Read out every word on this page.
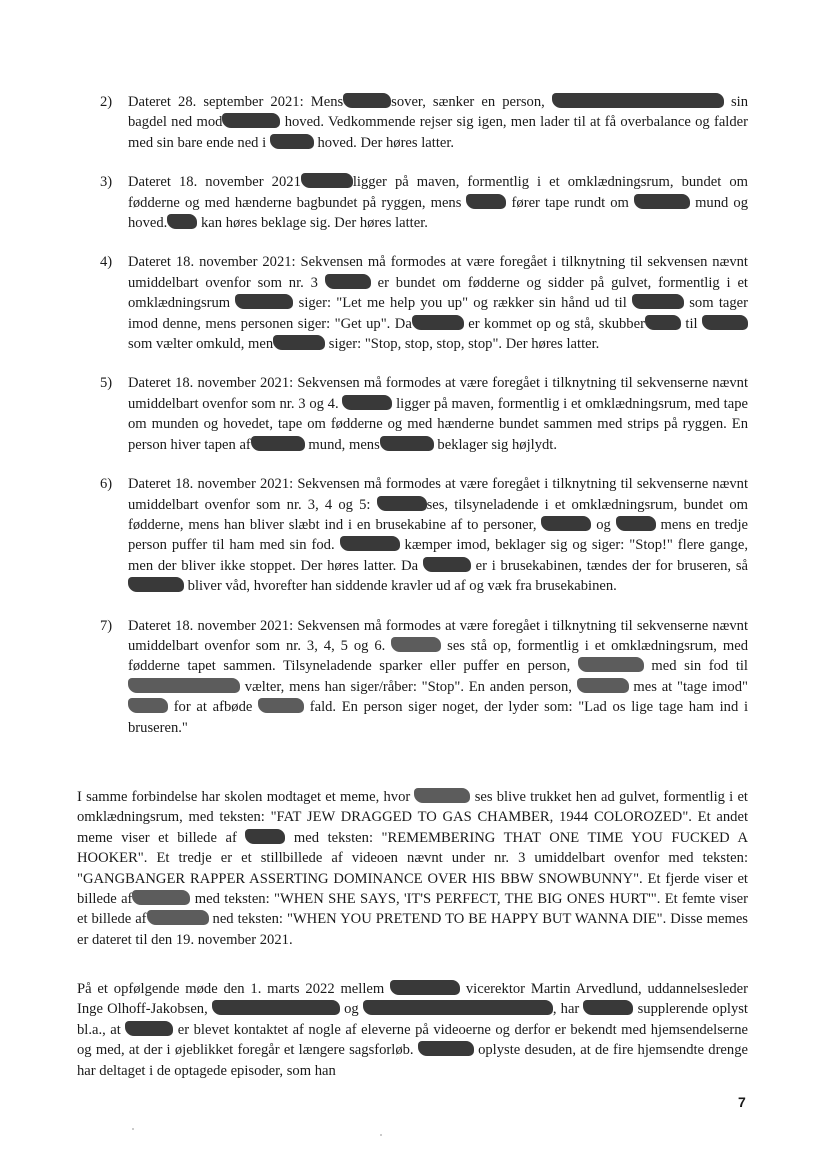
2)	Dateret 28. september 2021: Mens	sover, sænker en person,	sin bagdel ned mod	hoved. Vedkommende rejser sig igen, men lader til at få overbalance og falder med sin bare ende ned i	hoved. Der høres latter.
3)	Dateret 18. november 2021	ligger på maven, formentlig i et omklædningsrum, bundet om fødderne og med hænderne bagbundet på ryggen, mens	fører tape rundt om	mund og hoved. kan høres beklage sig. Der høres latter.
4)	Dateret 18. november 2021: Sekvensen må formodes at være foregået i tilknytning til sekvensen nævnt umiddelbart ovenfor som nr. 3	er bundet om fødderne og sidder på gulvet, formentlig i et omklædningsrum	siger: "Let me help you up" og rækker sin hånd ud til	som tager imod denne, mens personen siger: "Get up". Da	er kommet op og stå, skubber til  som vælter omkuld, men	siger: "Stop, stop, stop, stop". Der høres latter.
5)	Dateret 18. november 2021: Sekvensen må formodes at være foregået i tilknytning til sekvenserne nævnt umiddelbart ovenfor som nr. 3 og 4.	ligger på maven, formentlig i et omklædningsrum, med tape om munden og hovedet, tape om fødderne og med hænderne bundet sammen med strips på ryggen. En person hiver tapen af	mund, mens	beklager sig højlydt.
6)	Dateret 18. november 2021: Sekvensen må formodes at være foregået i tilknytning til sekvenserne nævnt umiddelbart ovenfor som nr. 3, 4 og 5:	ses, tilsyneladende i et omklædningsrum, bundet om fødderne, mens han bliver slæbt ind i en brusekabine af to personer,	og	mens en tredje person puffer til ham med sin fod.	kæmper imod, beklager sig og siger: "Stop!" flere gange, men der bliver ikke stoppet. Der høres latter. Da	er i brusekabinen, tændes der for bruseren, så  bliver våd, hvorefter han siddende kravler ud af og væk fra brusekabinen.
7)	Dateret 18. november 2021: Sekvensen må formodes at være foregået i tilknytning til sekvenserne nævnt umiddelbart ovenfor som nr. 3, 4, 5 og 6.	ses stå op, formentlig i et omklædningsrum, med fødderne tapet sammen. Tilsyneladende sparker eller puffer en person,	med sin fod til  vælter, mens han siger/råber: "Stop". En anden person,	mes at "tage imod"  for at afbøde	fald. En person siger noget, der lyder som: "Lad os lige tage ham ind i bruseren."
I samme forbindelse har skolen modtaget et meme, hvor	ses blive trukket hen ad gulvet, formentlig i et omklædningsrum, med teksten: "FAT JEW DRAGGED TO GAS CHAMBER, 1944 COLOROZED". Et andet meme viser et billede af	med teksten: "REMEMBERING THAT ONE TIME YOU FUCKED A HOOKER". Et tredje er et stillbillede af videoen nævnt under nr. 3 umiddelbart ovenfor med teksten: "GANGBANGER RAPPER ASSERTING DOMINANCE OVER HIS BBW SNOWBUNNY". Et fjerde viser et billede af	med teksten: "WHEN SHE SAYS, 'IT'S PERFECT, THE BIG ONES HURT'". Et femte viser et billede af	ned teksten: "WHEN YOU PRETEND TO BE HAPPY BUT WANNA DIE". Disse memes er dateret til den 19. november 2021.
På et opfølgende møde den 1. marts 2022 mellem	vicerektor Martin Arvedlund, uddannelsesleder Inge Olhoff-Jakobsen,	og	, har	supplerende oplyst bl.a., at	er blevet kontaktet af nogle af eleverne på videoerne og derfor er bekendt med hjemsendelserne og med, at der i øjeblikket foregår et længere sagsforløb.	oplyste desuden, at de fire hjemsendte drenge har deltaget i de optagede episoder, som han
7
